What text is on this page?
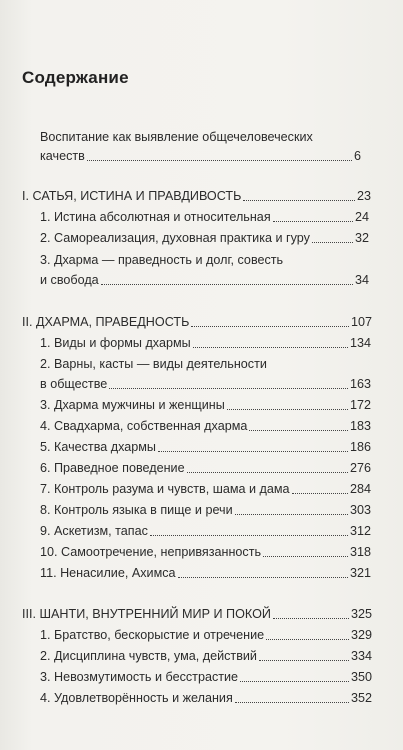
Содержание
Воспитание как выявление общечеловеческих
качеств	6
I. САТЬЯ, ИСТИНА И ПРАВДИВОСТЬ	23
1. Истина абсолютная и относительная	24
2. Самореализация, духовная практика и гуру	32
3. Дхарма — праведность и долг, совесть
и свобода	34
II. ДХАРМА, ПРАВЕДНОСТЬ	107
1. Виды и формы дхармы	134
2. Варны, касты — виды деятельности
в обществе	163
3. Дхарма мужчины и женщины	172
4. Свадхарма, собственная дхарма	183
5. Качества дхармы	186
6. Праведное поведение	276
7. Контроль разума и чувств, шама и дама	284
8. Контроль языка в пище и речи	303
9. Аскетизм, тапас	312
10. Самоотречение, непривязанность	318
11. Ненасилие, Ахимса	321
III. ШАНТИ, ВНУТРЕННИЙ МИР И ПОКОЙ	325
1. Братство, бескорыстие и отречение	329
2. Дисциплина чувств, ума, действий	334
3. Невозмутимость и бесстрастие	350
4. Удовлетворённость и желания	352
